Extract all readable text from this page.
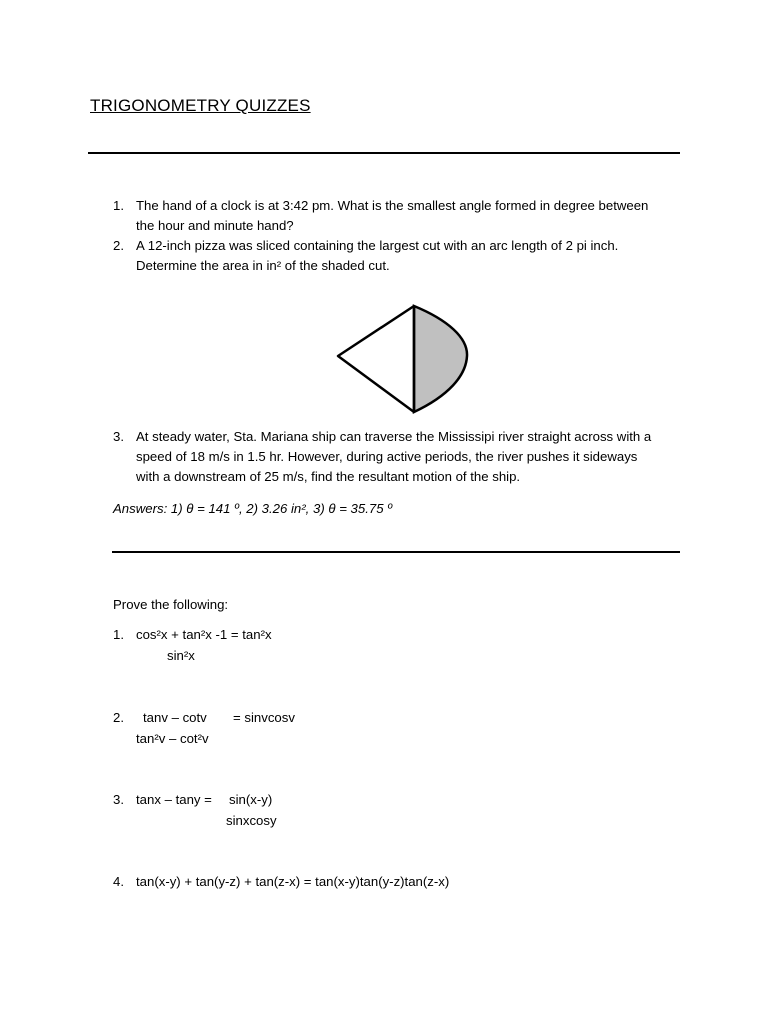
TRIGONOMETRY QUIZZES
1. The hand of a clock is at 3:42 pm. What is the smallest angle formed in degree between
the hour and minute hand?
2. A 12-inch pizza was sliced containing the largest cut with an arc length of 2 pi inch.
Determine the area in in² of the shaded cut.
3. At steady water, Sta. Mariana ship can traverse the Mississipi river straight across with a
speed of 18 m/s in 1.5 hr. However, during active periods, the river pushes it sideways
with a downstream of 25 m/s, find the resultant motion of the ship.
Answers: 1) θ = 141 º, 2) 3.26 in², 3) θ = 35.75 º
Prove the following:
1. cos²x + tan²x -1 = tan²x
sin²x
2.	tanv – cotv = sinvcosv
tan²v – cot²v
3. tanx – tany = sin(x-y)
sinxcosy
4. tan(x-y) + tan(y-z) + tan(z-x) = tan(x-y)tan(y-z)tan(z-x)
